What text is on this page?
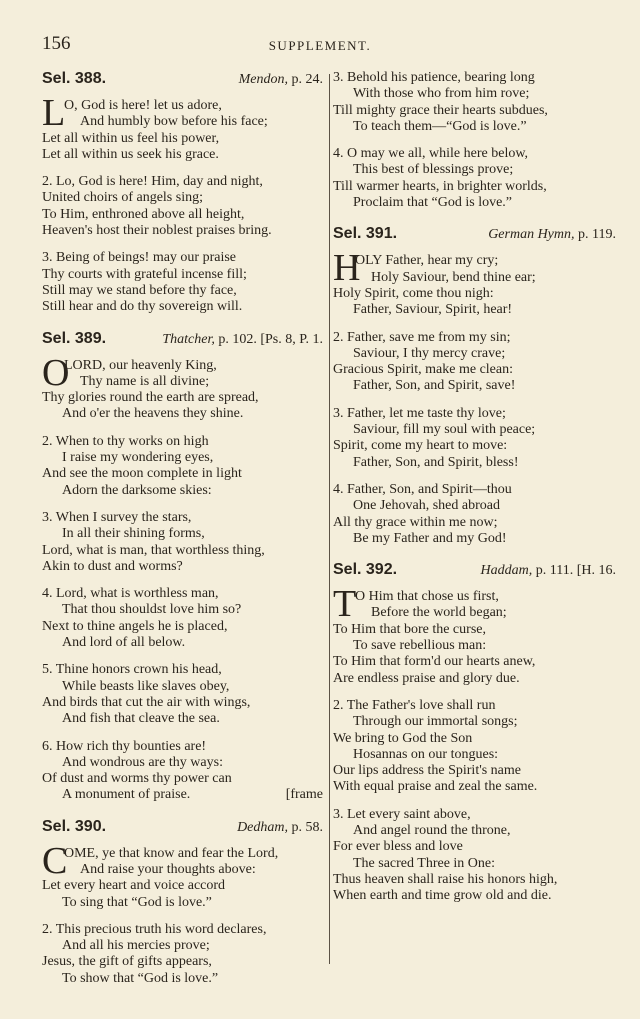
156	SUPPLEMENT.
Sel. 388.	Mendon, p. 24.
L
O, God is here! let us adore,
And humbly bow before his face;
Let all within us feel his power,
Let all within us seek his grace.
2. Lo, God is here! Him, day and night,
United choirs of angels sing;
To Him, enthroned above all height,
Heaven's host their noblest praises bring.
3. Being of beings! may our praise
Thy courts with grateful incense fill;
Still may we stand before thy face,
Still hear and do thy sovereign will.
Sel. 389.	Thatcher, p. 102. [Ps. 8, P. 1.
O
LORD, our heavenly King,
Thy name is all divine;
Thy glories round the earth are spread,
And o'er the heavens they shine.
2. When to thy works on high
I raise my wondering eyes,
And see the moon complete in light
Adorn the darksome skies:
3. When I survey the stars,
In all their shining forms,
Lord, what is man, that worthless thing,
Akin to dust and worms?
4. Lord, what is worthless man,
That thou shouldst love him so?
Next to thine angels he is placed,
And lord of all below.
5. Thine honors crown his head,
While beasts like slaves obey,
And birds that cut the air with wings,
And fish that cleave the sea.
6. How rich thy bounties are!
And wondrous are thy ways:
Of dust and worms thy power can
A monument of praise.	[frame
Sel. 390.	Dedham, p. 58.
C
OME, ye that know and fear the Lord,
And raise your thoughts above:
Let every heart and voice accord
To sing that “God is love.”
2. This precious truth his word declares,
And all his mercies prove;
Jesus, the gift of gifts appears,
To show that “God is love.”
3. Behold his patience, bearing long
With those who from him rove;
Till mighty grace their hearts subdues,
To teach them—“God is love.”
4. O may we all, while here below,
This best of blessings prove;
Till warmer hearts, in brighter worlds,
Proclaim that “God is love.”
Sel. 391.	German Hymn, p. 119.
H
OLY Father, hear my cry;
Holy Saviour, bend thine ear;
Holy Spirit, come thou nigh:
Father, Saviour, Spirit, hear!
2. Father, save me from my sin;
Saviour, I thy mercy crave;
Gracious Spirit, make me clean:
Father, Son, and Spirit, save!
3. Father, let me taste thy love;
Saviour, fill my soul with peace;
Spirit, come my heart to move:
Father, Son, and Spirit, bless!
4. Father, Son, and Spirit—thou
One Jehovah, shed abroad
All thy grace within me now;
Be my Father and my God!
Sel. 392.	Haddam, p. 111. [H. 16.
T
O Him that chose us first,
Before the world began;
To Him that bore the curse,
To save rebellious man:
To Him that form'd our hearts anew,
Are endless praise and glory due.
2. The Father's love shall run
Through our immortal songs;
We bring to God the Son
Hosannas on our tongues:
Our lips address the Spirit's name
With equal praise and zeal the same.
3. Let every saint above,
And angel round the throne,
For ever bless and love
The sacred Three in One:
Thus heaven shall raise his honors high,
When earth and time grow old and die.
